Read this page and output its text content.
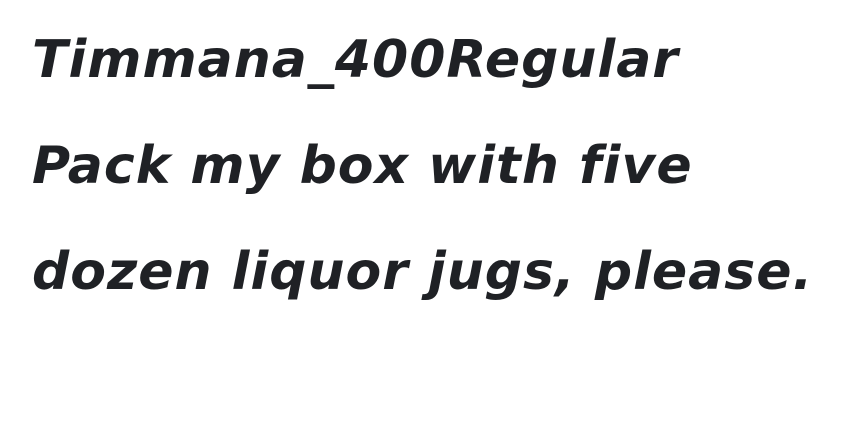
Timmana_400Regular
Pack my box with five
dozen liquor jugs, please.
